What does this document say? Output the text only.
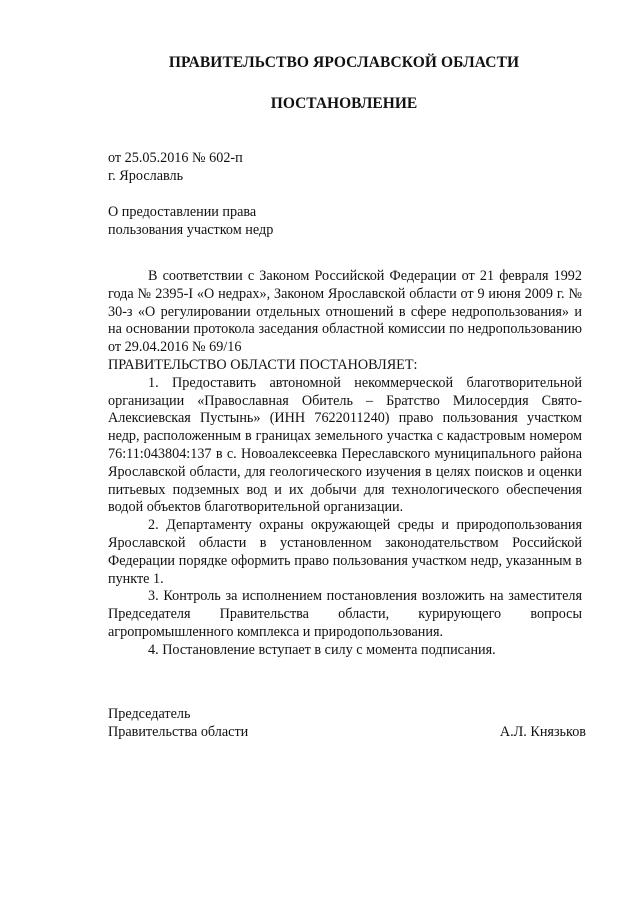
ПРАВИТЕЛЬСТВО ЯРОСЛАВСКОЙ ОБЛАСТИ

ПОСТАНОВЛЕНИЕ

от 25.05.2016 № 602-п

г. Ярославль

О предоставлении права

пользования участком недр

В соответствии с Законом Российской Федерации от 21 февраля 1992 года № 2395-I «О недрах», Законом Ярославской области от 9 июня 2009 г. № 30-з «О регулировании отдельных отношений в сфере недропользования» и на основании протокола заседания областной комиссии по недропользованию от 29.04.2016 № 69/16

ПРАВИТЕЛЬСТВО ОБЛАСТИ ПОСТАНОВЛЯЕТ:

1. Предоставить автономной некоммерческой благотворительной организации «Православная Обитель – Братство Милосердия Свято-Алексиевская Пустынь» (ИНН 7622011240) право пользования участком недр, расположенным в границах земельного участка с кадастровым номером 76:11:043804:137 в с. Новоалексеевка Переславского муниципального района Ярославской области, для геологического изучения в целях поисков и оценки питьевых подземных вод и их добычи для технологического обеспечения водой объектов благотворительной организации.

2. Департаменту охраны окружающей среды и природопользования Ярославской области в установленном законодательством Российской Федерации порядке оформить право пользования участком недр, указанным в пункте 1.

3. Контроль за исполнением постановления возложить на заместителя Председателя Правительства области, курирующего вопросы агропромышленного комплекса и природопользования.

4. Постановление вступает в силу с момента подписания.

Председатель
Правительства области	А.Л. Князьков
